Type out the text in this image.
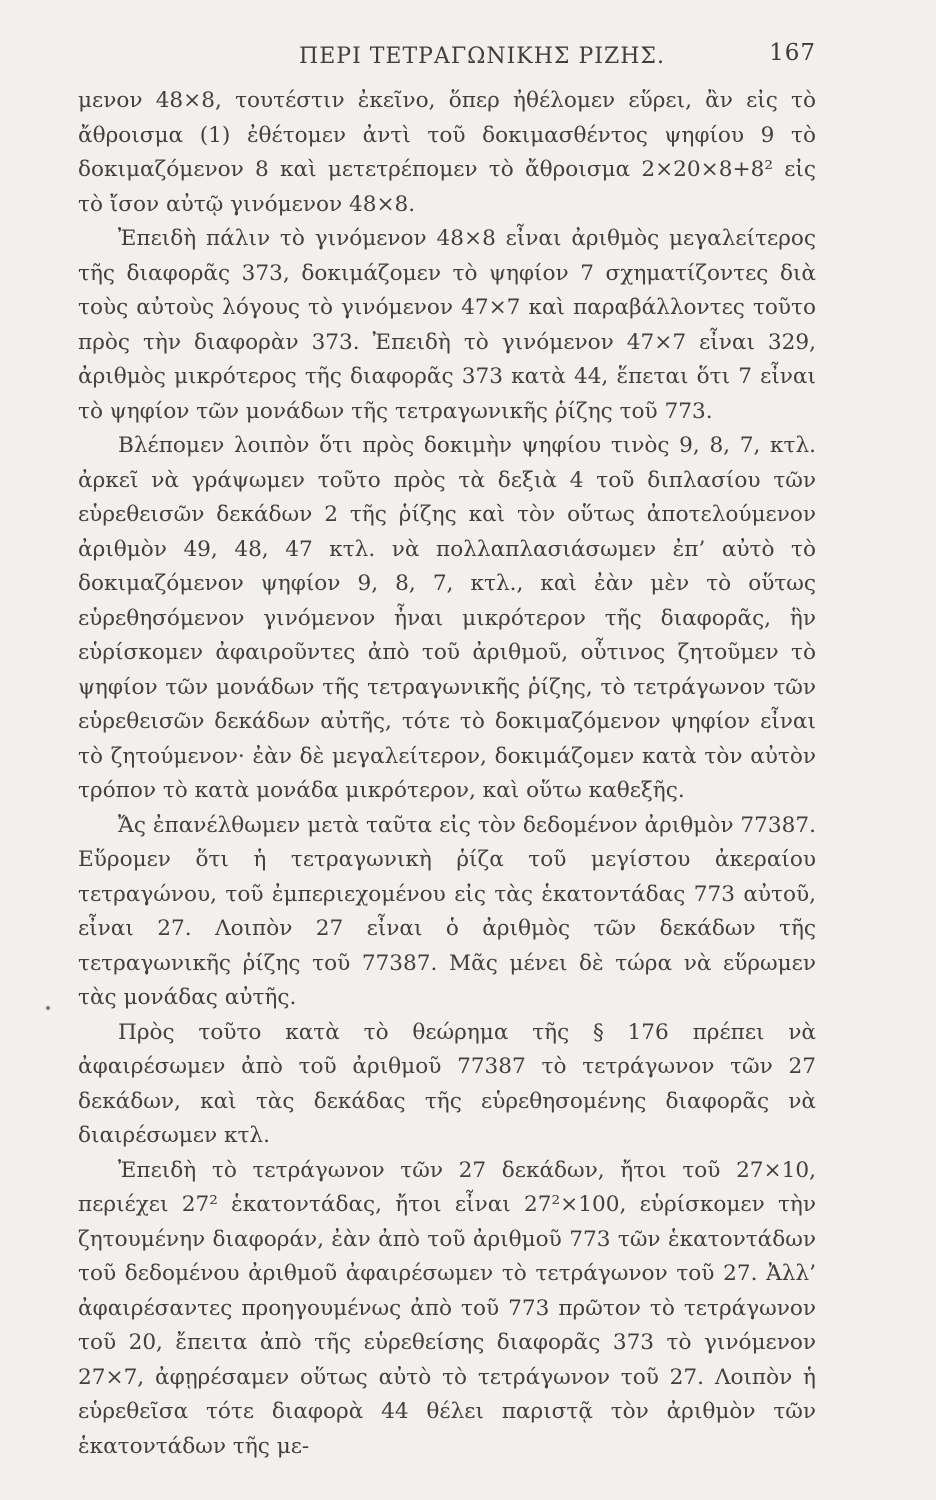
ΠΕΡΙ ΤΕΤΡΑΓΩΝΙΚΗΣ ΡΙΖΗΣ.	167

μενον 48×8, τουτέστιν ἐκεῖνο, ὅπερ ἠθέλομεν εὕρει, ἂν εἰς τὸ ἄθροισμα (1) ἐθέτομεν ἀντὶ τοῦ δοκιμασθέντος ψηφίου 9 τὸ δοκιμαζόμενον 8 καὶ μετετρέπομεν τὸ ἄθροισμα 2×20×8+8² εἰς τὸ ἴσον αὐτῷ γινόμενον 48×8.

Ἐπειδὴ πάλιν τὸ γινόμενον 48×8 εἶναι ἀριθμὸς μεγαλείτερος τῆς διαφορᾶς 373, δοκιμάζομεν τὸ ψηφίον 7 σχηματίζοντες διὰ τοὺς αὐτοὺς λόγους τὸ γινόμενον 47×7 καὶ παραβάλλοντες τοῦτο πρὸς τὴν διαφορὰν 373. Ἐπειδὴ τὸ γινόμενον 47×7 εἶναι 329, ἀριθμὸς μικρότερος τῆς διαφορᾶς 373 κατὰ 44, ἕπεται ὅτι 7 εἶναι τὸ ψηφίον τῶν μονάδων τῆς τετραγωνικῆς ῥίζης τοῦ 773.

Βλέπομεν λοιπὸν ὅτι πρὸς δοκιμὴν ψηφίου τινὸς 9, 8, 7, κτλ. ἀρκεῖ νὰ γράψωμεν τοῦτο πρὸς τὰ δεξιὰ 4 τοῦ διπλασίου τῶν εὑρεθεισῶν δεκάδων 2 τῆς ῥίζης καὶ τὸν οὕτως ἀποτελούμενον ἀριθμὸν 49, 48, 47 κτλ. νὰ πολλαπλασιάσωμεν ἐπ’ αὐτὸ τὸ δοκιμαζόμενον ψηφίον 9, 8, 7, κτλ., καὶ ἐὰν μὲν τὸ οὕτως εὑρεθησόμενον γινόμενον ἦναι μικρότερον τῆς διαφορᾶς, ἣν εὑρίσκομεν ἀφαιροῦντες ἀπὸ τοῦ ἀριθμοῦ, οὗτινος ζητοῦμεν τὸ ψηφίον τῶν μονάδων τῆς τετραγωνικῆς ῥίζης, τὸ τετράγωνον τῶν εὑρεθεισῶν δεκάδων αὐτῆς, τότε τὸ δοκιμαζόμενον ψηφίον εἶναι τὸ ζητούμενον· ἐὰν δὲ μεγαλείτερον, δοκιμάζομεν κατὰ τὸν αὐτὸν τρόπον τὸ κατὰ μονάδα μικρότερον, καὶ οὕτω καθεξῆς.

Ἄς ἐπανέλθωμεν μετὰ ταῦτα εἰς τὸν δεδομένον ἀριθμὸν 77387. Εὕρομεν ὅτι ἡ τετραγωνικὴ ῥίζα τοῦ μεγίστου ἀκεραίου τετραγώνου, τοῦ ἐμπεριεχομένου εἰς τὰς ἑκατοντάδας 773 αὐτοῦ, εἶναι 27. Λοιπὸν 27 εἶναι ὁ ἀριθμὸς τῶν δεκάδων τῆς τετραγωνικῆς ῥίζης τοῦ 77387. Μᾶς μένει δὲ τώρα νὰ εὕρωμεν τὰς μονάδας αὐτῆς.

Πρὸς τοῦτο κατὰ τὸ θεώρημα τῆς § 176 πρέπει νὰ ἀφαιρέσωμεν ἀπὸ τοῦ ἀριθμοῦ 77387 τὸ τετράγωνον τῶν 27 δεκάδων, καὶ τὰς δεκάδας τῆς εὑρεθησομένης διαφορᾶς νὰ διαιρέσωμεν κτλ.

Ἐπειδὴ τὸ τετράγωνον τῶν 27 δεκάδων, ἤτοι τοῦ 27×10, περιέχει 27² ἑκατοντάδας, ἤτοι εἶναι 27²×100, εὑρίσκομεν τὴν ζητουμένην διαφοράν, ἐὰν ἀπὸ τοῦ ἀριθμοῦ 773 τῶν ἑκατοντάδων τοῦ δεδομένου ἀριθμοῦ ἀφαιρέσωμεν τὸ τετράγωνον τοῦ 27. Ἀλλ’ ἀφαιρέσαντες προηγουμένως ἀπὸ τοῦ 773 πρῶτον τὸ τετράγωνον τοῦ 20, ἔπειτα ἀπὸ τῆς εὑρεθείσης διαφορᾶς 373 τὸ γινόμενον 27×7, ἀφῃρέσαμεν οὕτως αὐτὸ τὸ τετράγωνον τοῦ 27. Λοιπὸν ἡ εὑρεθεῖσα τότε διαφορὰ 44 θέλει παριστᾷ τὸν ἀριθμὸν τῶν ἑκατοντάδων τῆς με-
